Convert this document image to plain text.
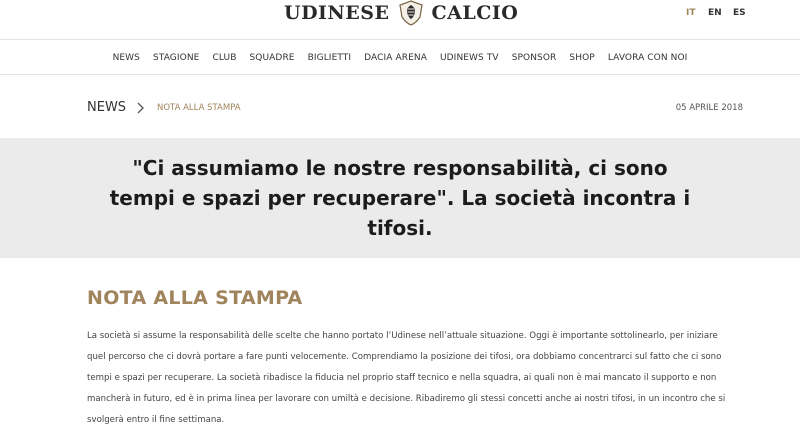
UDINESE CALCIO	IT EN ES
NEWS STAGIONE CLUB SQUADRE BIGLIETTI DACIA ARENA UDINEWS TV SPONSOR SHOP LAVORA CON NOI
NEWS	NOTA ALLA STAMPA	05 APRILE 2018
"Ci assumiamo le nostre responsabilità, ci sono tempi e spazi per recuperare". La società incontra i tifosi.
NOTA ALLA STAMPA

La società si assume la responsabilità delle scelte che hanno portato l’Udinese nell’attuale situazione. Oggi è importante sottolinearlo, per iniziare quel percorso che ci dovrà portare a fare punti velocemente. Comprendiamo la posizione dei tifosi, ora dobbiamo concentrarci sul fatto che ci sono tempi e spazi per recuperare. La società ribadisce la fiducia nel proprio staff tecnico e nella squadra, ai quali non è mai mancato il supporto e non mancherà in futuro, ed è in prima linea per lavorare con umiltà e decisione. Ribadiremo gli stessi concetti anche ai nostri tifosi, in un incontro che si svolgerà entro il fine settimana.
